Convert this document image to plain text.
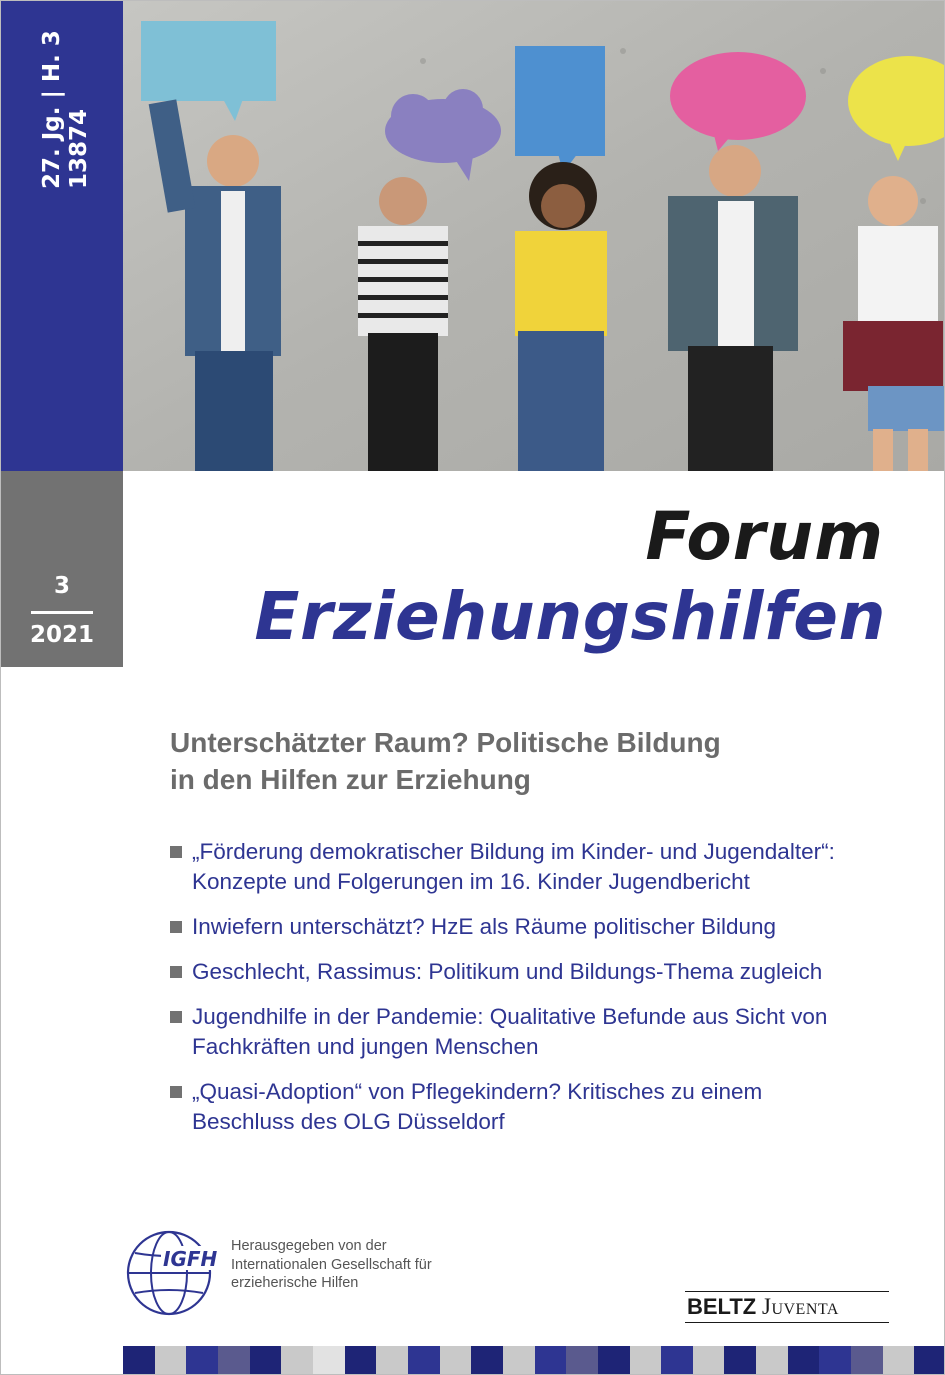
27. Jg. | H. 3 13874
3
2021
Forum
Erziehungshilfen
Unterschätzter Raum? Politische Bildung
in den Hilfen zur Erziehung
„Förderung demokratischer Bildung im Kinder- und Jugendalter“: Konzepte und Folgerungen im 16. Kinder Jugendbericht
Inwiefern unterschätzt? HzE als Räume politischer Bildung
Geschlecht, Rassimus: Politikum und Bildungs-Thema zugleich
Jugendhilfe in der Pandemie: Qualitative Befunde aus Sicht von Fachkräften und jungen Menschen
„Quasi-Adoption“ von Pflegekindern? Kritisches zu einem Beschluss des OLG Düsseldorf
IGFH
Herausgegeben von der
Internationalen Gesellschaft für
erzieherische Hilfen
BELTZ Juventa
